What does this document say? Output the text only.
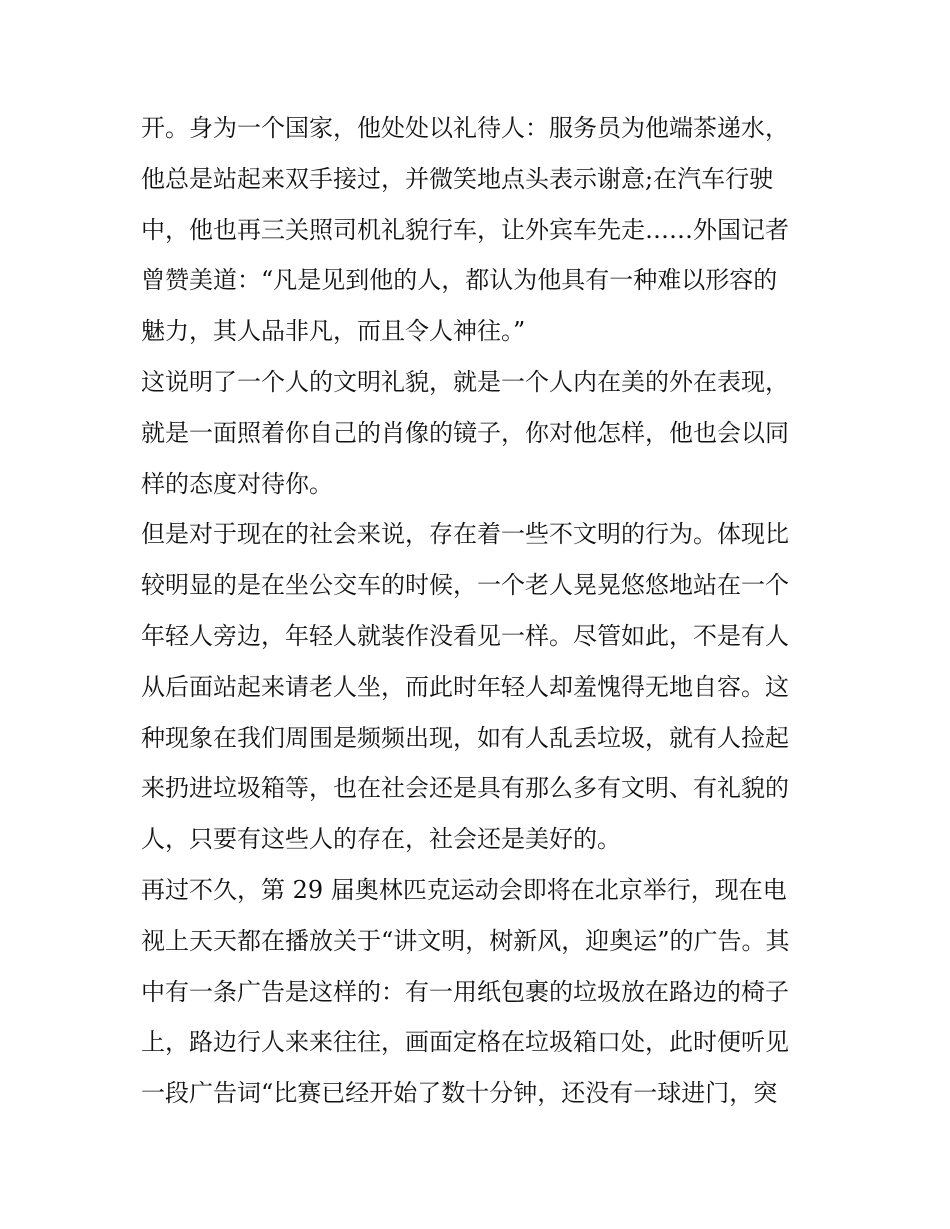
开。身为一个国家，他处处以礼待人：服务员为他端茶递水，
他总是站起来双手接过，并微笑地点头表示谢意;在汽车行驶
中，他也再三关照司机礼貌行车，让外宾车先走……外国记者
曾赞美道：“凡是见到他的人，都认为他具有一种难以形容的
魅力，其人品非凡，而且令人神往。”
这说明了一个人的文明礼貌，就是一个人内在美的外在表现，
就是一面照着你自己的肖像的镜子，你对他怎样，他也会以同
样的态度对待你。
但是对于现在的社会来说，存在着一些不文明的行为。体现比
较明显的是在坐公交车的时候，一个老人晃晃悠悠地站在一个
年轻人旁边，年轻人就装作没看见一样。尽管如此，不是有人
从后面站起来请老人坐，而此时年轻人却羞愧得无地自容。这
种现象在我们周围是频频出现，如有人乱丢垃圾，就有人捡起
来扔进垃圾箱等，也在社会还是具有那么多有文明、有礼貌的
人，只要有这些人的存在，社会还是美好的。
再过不久，第 29 届奥林匹克运动会即将在北京举行，现在电
视上天天都在播放关于“讲文明，树新风，迎奥运”的广告。其
中有一条广告是这样的：有一用纸包裹的垃圾放在路边的椅子
上，路边行人来来往往，画面定格在垃圾箱口处，此时便听见
一段广告词“比赛已经开始了数十分钟，还没有一球进门，突
